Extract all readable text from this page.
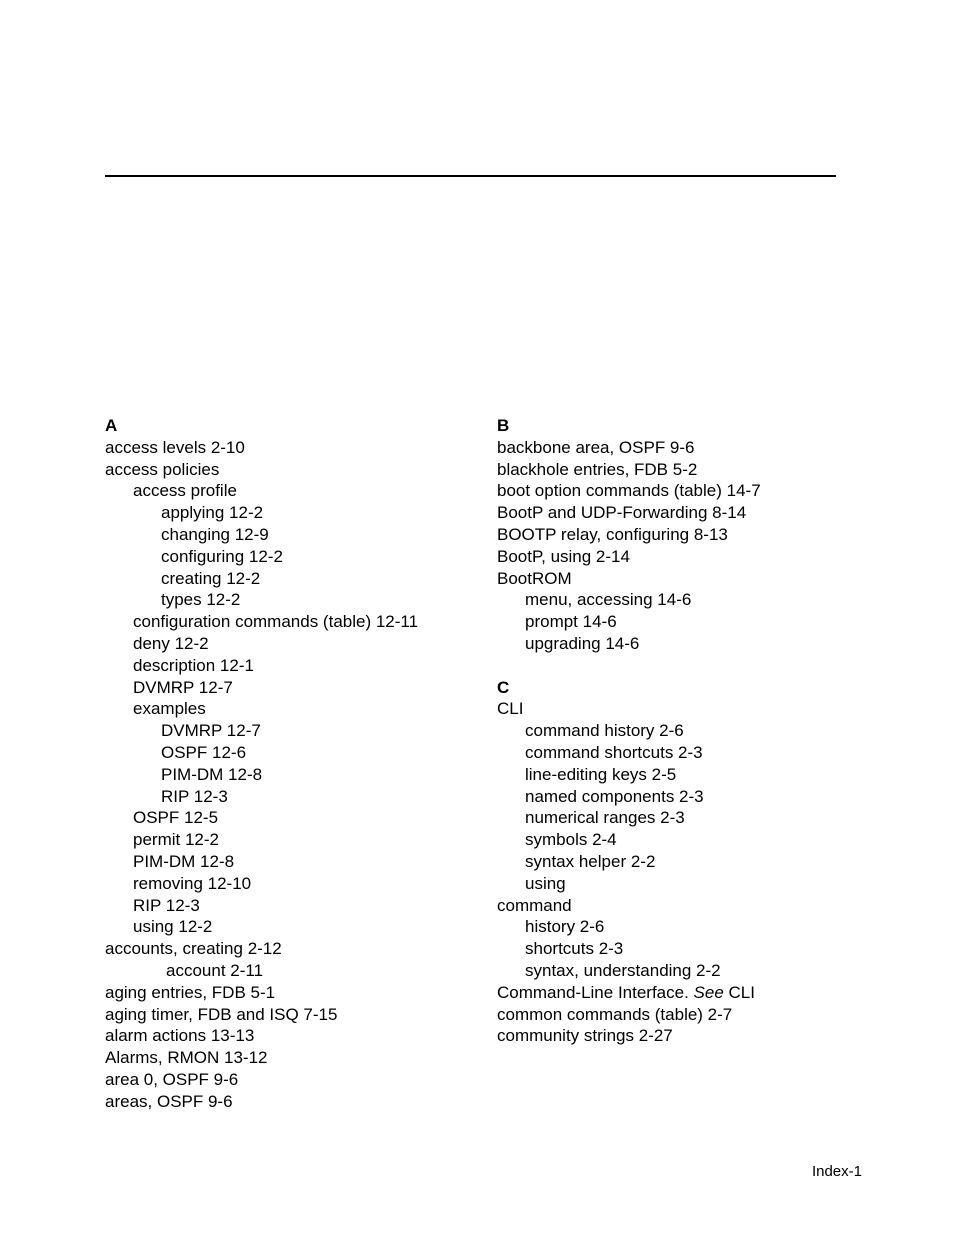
A
access levels 2-10
access policies
access profile
applying 12-2
changing 12-9
configuring 12-2
creating 12-2
types 12-2
configuration commands (table) 12-11
deny 12-2
description 12-1
DVMRP 12-7
examples
DVMRP 12-7
OSPF 12-6
PIM-DM 12-8
RIP 12-3
OSPF 12-5
permit 12-2
PIM-DM 12-8
removing 12-10
RIP 12-3
using 12-2
accounts, creating 2-12
account 2-11
aging entries, FDB 5-1
aging timer, FDB and ISQ 7-15
alarm actions 13-13
Alarms, RMON 13-12
area 0, OSPF 9-6
areas, OSPF 9-6
B
backbone area, OSPF 9-6
blackhole entries, FDB 5-2
boot option commands (table) 14-7
BootP and UDP-Forwarding 8-14
BOOTP relay, configuring 8-13
BootP, using 2-14
BootROM
menu, accessing 14-6
prompt 14-6
upgrading 14-6
C
CLI
command history 2-6
command shortcuts 2-3
line-editing keys 2-5
named components 2-3
numerical ranges 2-3
symbols 2-4
syntax helper 2-2
using
command
history 2-6
shortcuts 2-3
syntax, understanding 2-2
Command-Line Interface. See CLI
common commands (table) 2-7
community strings 2-27
Index-1
